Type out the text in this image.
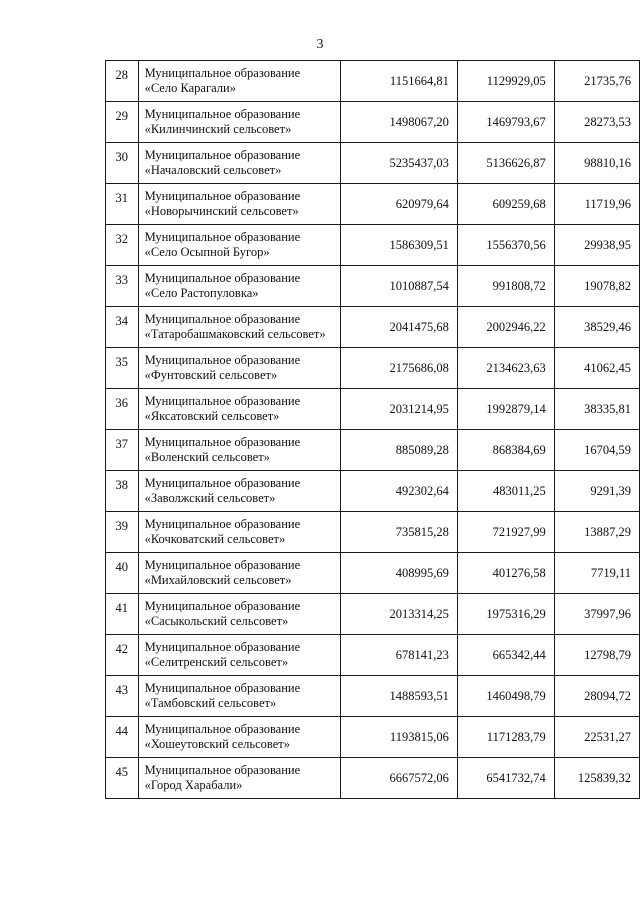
3
28	Муниципальное образование
«Село Карагали»	1151664,81	1129929,05	21735,76
29	Муниципальное образование
«Килинчинский сельсовет»	1498067,20	1469793,67	28273,53
30	Муниципальное образование
«Началовский сельсовет»	5235437,03	5136626,87	98810,16
31	Муниципальное образование
«Новорычинский сельсовет»	620979,64	609259,68	11719,96
32	Муниципальное образование
«Село Осыпной Бугор»	1586309,51	1556370,56	29938,95
33	Муниципальное образование
«Село Растопуловка»	1010887,54	991808,72	19078,82
34	Муниципальное образование
«Татаробашмаковский сельсовет»	2041475,68	2002946,22	38529,46
35	Муниципальное образование
«Фунтовский сельсовет»	2175686,08	2134623,63	41062,45
36	Муниципальное образование
«Яксатовский сельсовет»	2031214,95	1992879,14	38335,81
37	Муниципальное образование
«Воленский сельсовет»	885089,28	868384,69	16704,59
38	Муниципальное образование
«Заволжский сельсовет»	492302,64	483011,25	9291,39
39	Муниципальное образование
«Кочковатский сельсовет»	735815,28	721927,99	13887,29
40	Муниципальное образование
«Михайловский сельсовет»	408995,69	401276,58	7719,11
41	Муниципальное образование
«Сасыкольский сельсовет»	2013314,25	1975316,29	37997,96
42	Муниципальное образование
«Селитренский сельсовет»	678141,23	665342,44	12798,79
43	Муниципальное образование
«Тамбовский сельсовет»	1488593,51	1460498,79	28094,72
44	Муниципальное образование
«Хошеутовский сельсовет»	1193815,06	1171283,79	22531,27
45	Муниципальное образование
«Город Харабали»	6667572,06	6541732,74	125839,32
